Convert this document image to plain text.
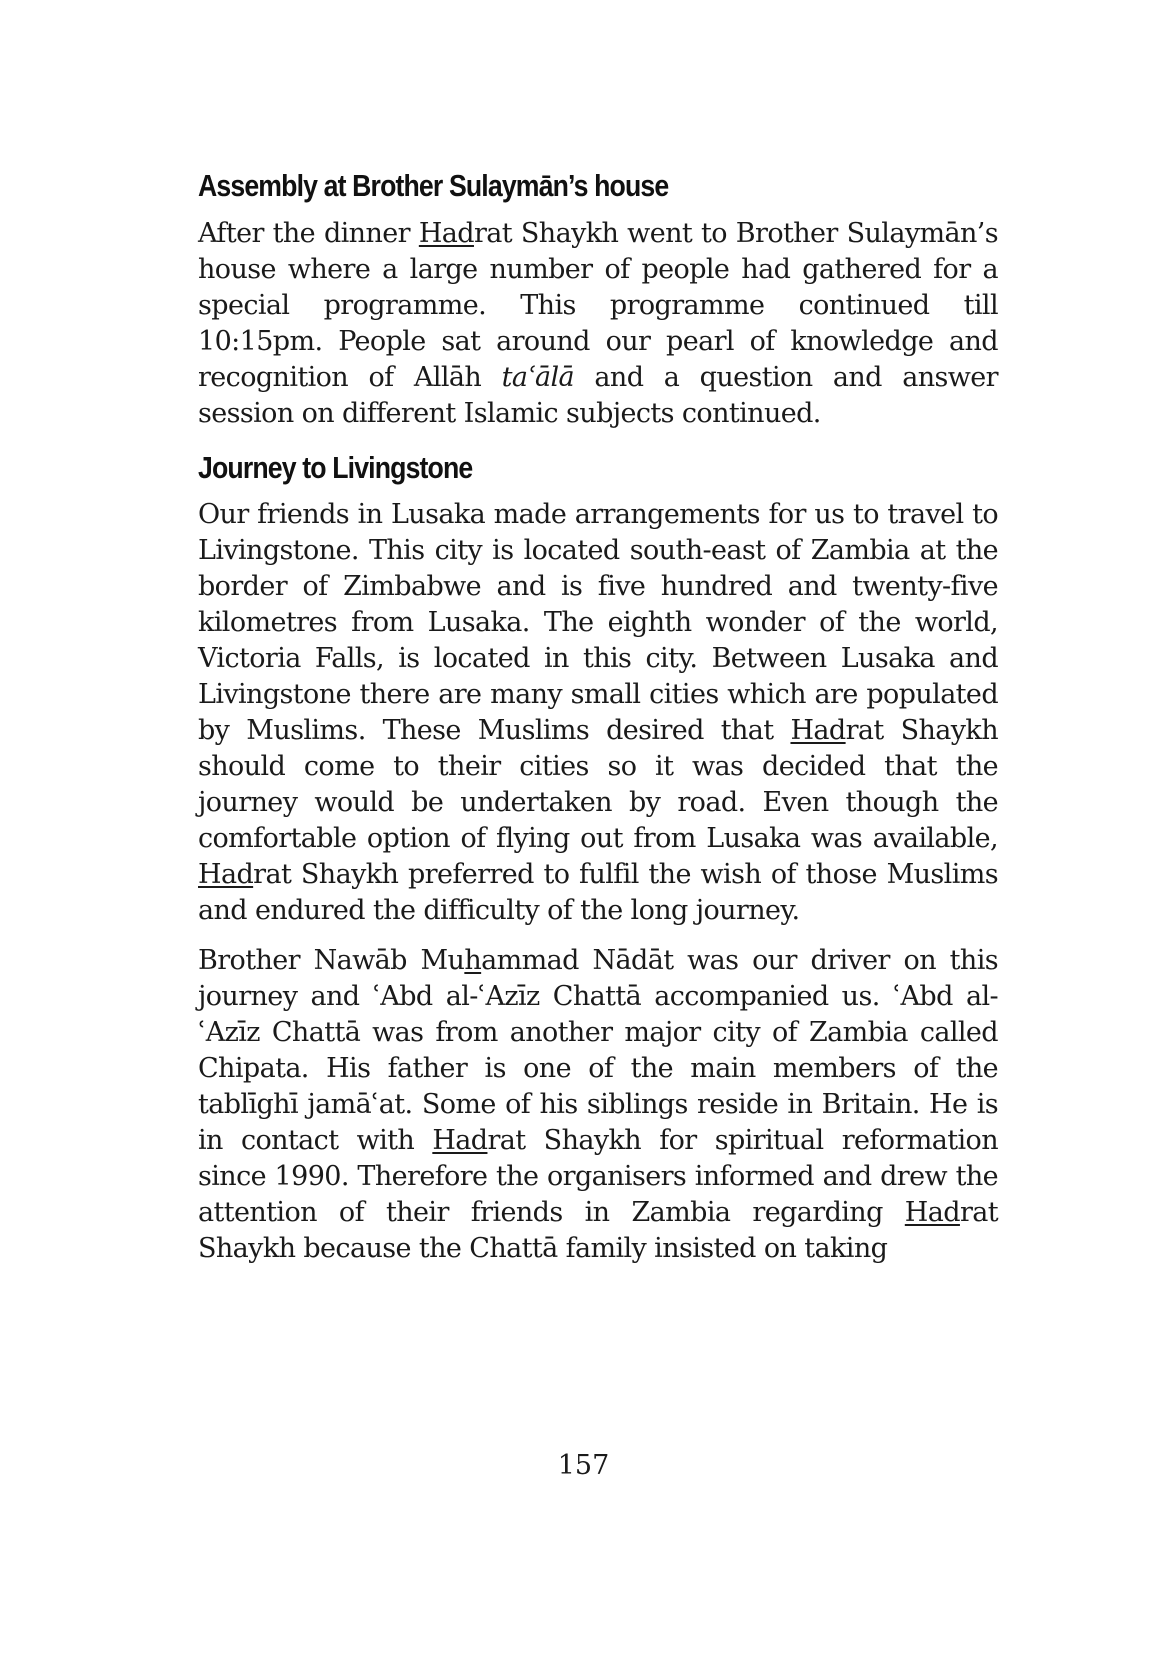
Assembly at Brother Sulaymān’s house

After the dinner Hadrat Shaykh went to Brother Sulaymān’s house where a large number of people had gathered for a special programme. This programme continued till 10:15pm. People sat around our pearl of knowledge and recognition of Allāh taʿālā and a question and answer session on different Islamic subjects continued.

Journey to Livingstone

Our friends in Lusaka made arrangements for us to travel to Livingstone. This city is located south-east of Zambia at the border of Zimbabwe and is five hundred and twenty-five kilometres from Lusaka. The eighth wonder of the world, Victoria Falls, is located in this city. Between Lusaka and Livingstone there are many small cities which are populated by Muslims. These Muslims desired that Hadrat Shaykh should come to their cities so it was decided that the journey would be undertaken by road. Even though the comfortable option of flying out from Lusaka was available, Hadrat Shaykh preferred to fulfil the wish of those Muslims and endured the difficulty of the long journey.

Brother Nawāb Muhammad Nādāt was our driver on this journey and ʿAbd al-ʿAzīz Chattā accompanied us. ʿAbd al-ʿAzīz Chattā was from another major city of Zambia called Chipata. His father is one of the main members of the tablīghī jamāʿat. Some of his siblings reside in Britain. He is in contact with Hadrat Shaykh for spiritual reformation since 1990. Therefore the organisers informed and drew the attention of their friends in Zambia regarding Hadrat Shaykh because the Chattā family insisted on taking

157
